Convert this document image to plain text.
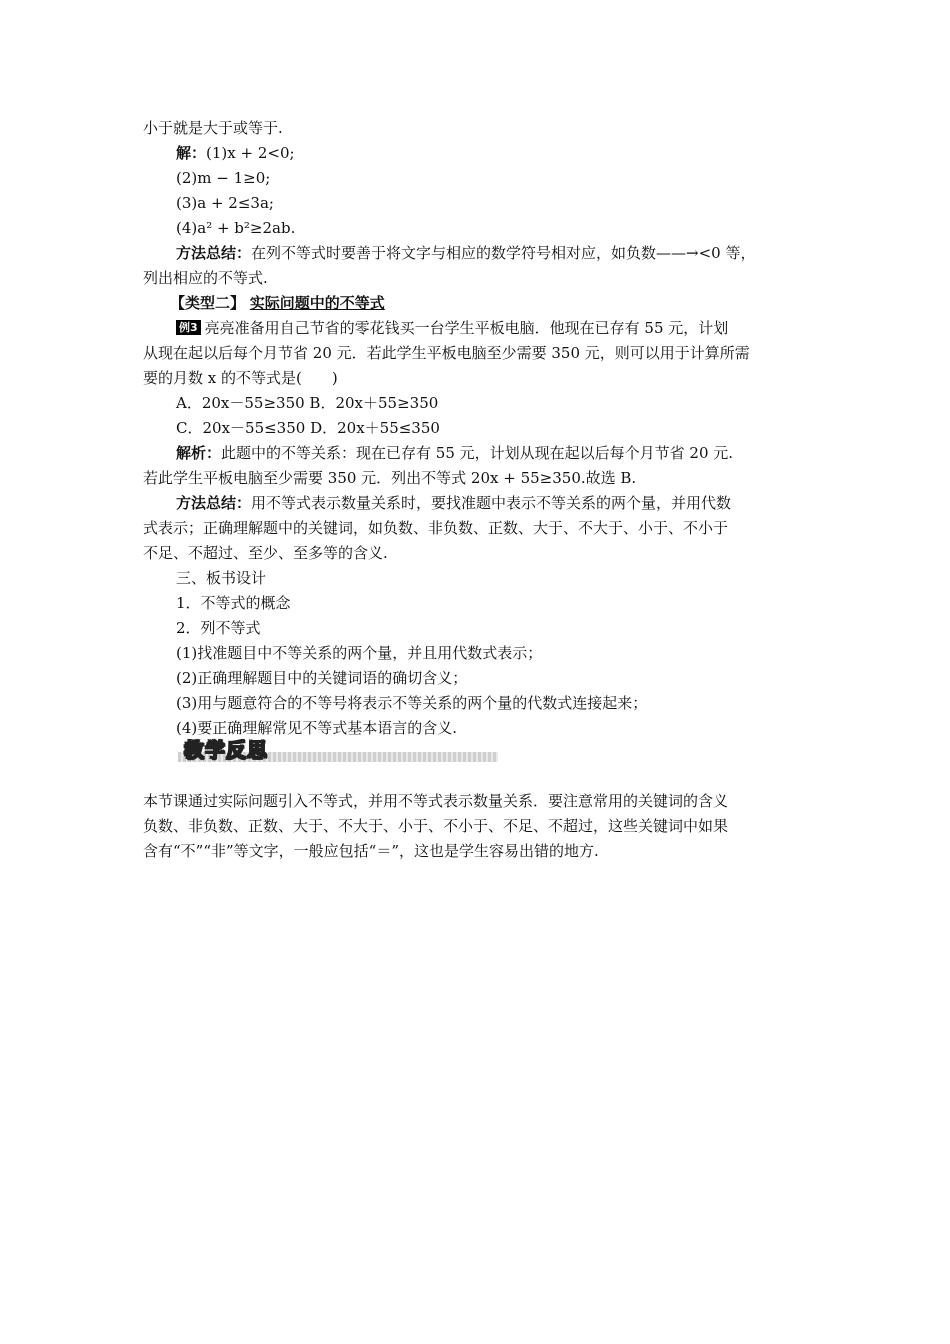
小于就是大于或等于.
解：(1)x + 2<0;
(2)m − 1≥0;
(3)a + 2≤3a;
(4)a² + b²≥2ab.
方法总结：在列不等式时要善于将文字与相应的数学符号相对应，如负数——→<0 等，
列出相应的不等式.
【类型二】 实际问题中的不等式
例3 亮亮准备用自己节省的零花钱买一台学生平板电脑．他现在已存有 55 元，计划
从现在起以后每个月节省 20 元．若此学生平板电脑至少需要 350 元，则可以用于计算所需
要的月数 x 的不等式是(　　)
A．20x－55≥350 B．20x＋55≥350
C．20x－55≤350 D．20x＋55≤350
解析：此题中的不等关系：现在已存有 55 元，计划从现在起以后每个月节省 20 元.
若此学生平板电脑至少需要 350 元．列出不等式 20x + 55≥350.故选 B.
方法总结：用不等式表示数量关系时，要找准题中表示不等关系的两个量，并用代数
式表示；正确理解题中的关键词，如负数、非负数、正数、大于、不大于、小于、不小于
不足、不超过、至少、至多等的含义.
三、板书设计
1．不等式的概念
2．列不等式
(1)找准题目中不等关系的两个量，并且用代数式表示；
(2)正确理解题目中的关键词语的确切含义；
(3)用与题意符合的不等号将表示不等关系的两个量的代数式连接起来；
(4)要正确理解常见不等式基本语言的含义.
教学反思
本节课通过实际问题引入不等式，并用不等式表示数量关系．要注意常用的关键词的含义
负数、非负数、正数、大于、不大于、小于、不小于、不足、不超过，这些关键词中如果
含有“不”“非”等文字，一般应包括“＝”，这也是学生容易出错的地方.
